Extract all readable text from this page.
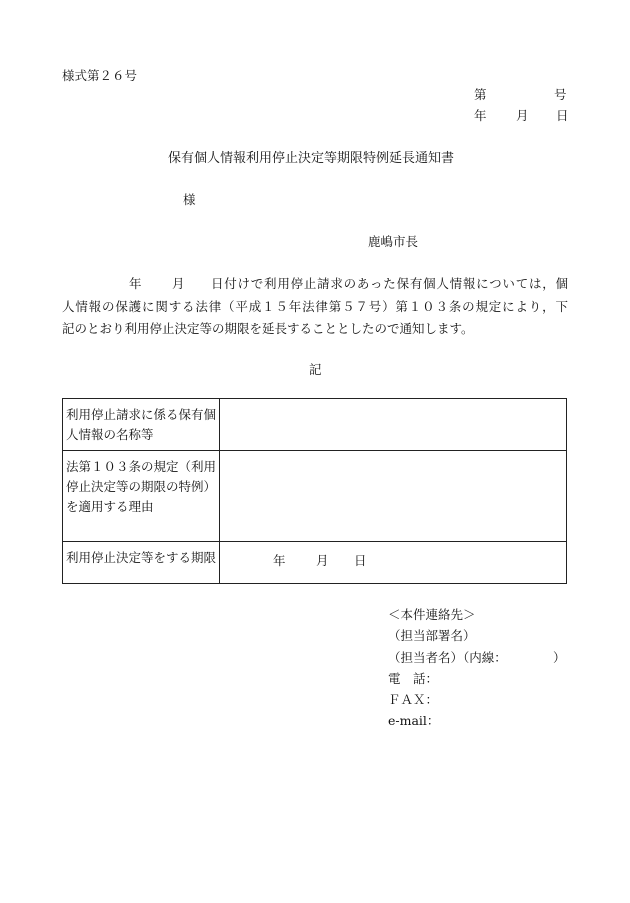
様式第２６号
第	号
年 月 日
保有個人情報利用停止決定等期限特例延長通知書
様
鹿嶋市長
年 月 日付けで利用停止請求のあった保有個人情報については，個
人情報の保護に関する法律（平成１５年法律第５７号）第１０３条の規定により，下
記のとおり利用停止決定等の期限を延長することとしたので通知します。
記
利用停止請求に係る保有個人情報の名称等	
法第１０３条の規定（利用停止決定等の期限の特例）を適用する理由	
利用停止決定等をする期限	年 月 日
＜本件連絡先＞
（担当部署名）
（担当者名）（内線：	）
電　話：
ＦＡＸ：
e-mail：
